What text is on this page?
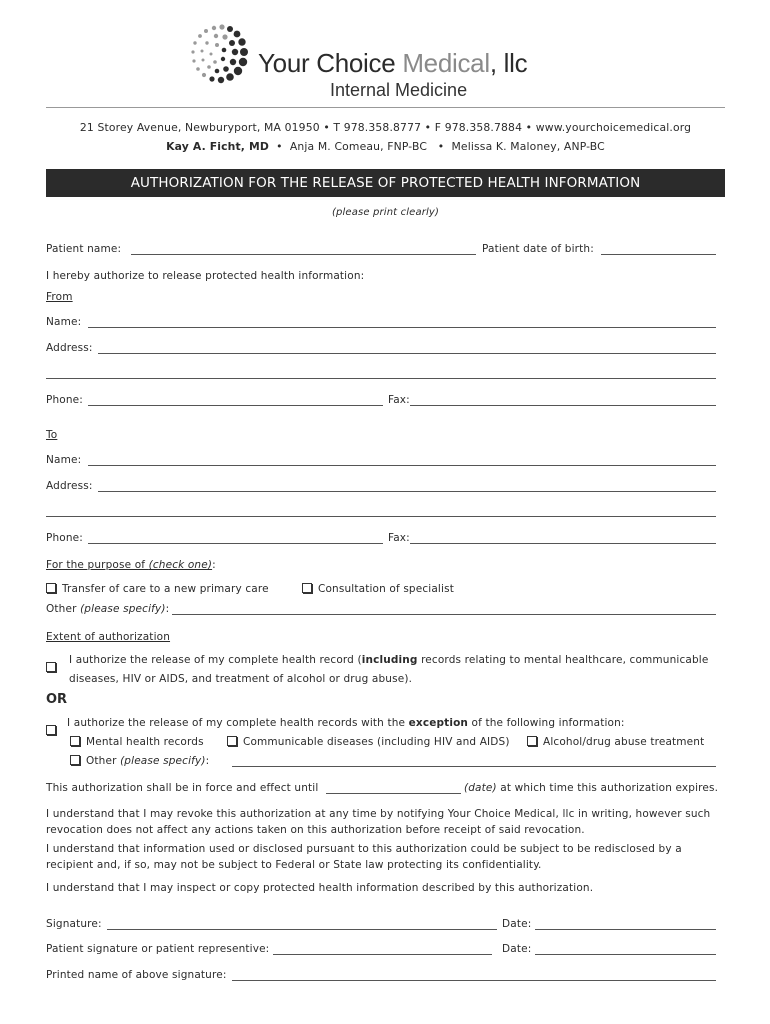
Your Choice Medical, llc
Internal Medicine
21 Storey Avenue, Newburyport, MA 01950 • T 978.358.8777 • F 978.358.7884 • www.yourchoicemedical.org
Kay A. Ficht, MD  •  Anja M. Comeau, FNP-BC   •  Melissa K. Maloney, ANP-BC
AUTHORIZATION FOR THE RELEASE OF PROTECTED HEALTH INFORMATION
(please print clearly)
Patient name:	Patient date of birth:
I hereby authorize to release protected health information:
From
Name:
Address:
Phone:	Fax:
To
Name:
Address:
Phone:	Fax:
For the purpose of (check one):
Transfer of care to a new primary care	Consultation of specialist
Other (please specify):
Extent of authorization
I authorize the release of my complete health record (including records relating to mental healthcare, communicable
diseases, HIV or AIDS, and treatment of alcohol or drug abuse).
OR
I authorize the release of my complete health records with the exception of the following information:
Mental health records	Communicable diseases (including HIV and AIDS)	Alcohol/drug abuse treatment
Other (please specify):
This authorization shall be in force and effect until	(date) at which time this authorization expires.
I understand that I may revoke this authorization at any time by notifying Your Choice Medical, llc in writing, however such
revocation does not affect any actions taken on this authorization before receipt of said revocation.
I understand that information used or disclosed pursuant to this authorization could be subject to be redisclosed by a
recipient and, if so, may not be subject to Federal or State law protecting its confidentiality.
I understand that I may inspect or copy protected health information described by this authorization.
Signature:	Date:
Patient signature or patient representive:	Date:
Printed name of above signature:
